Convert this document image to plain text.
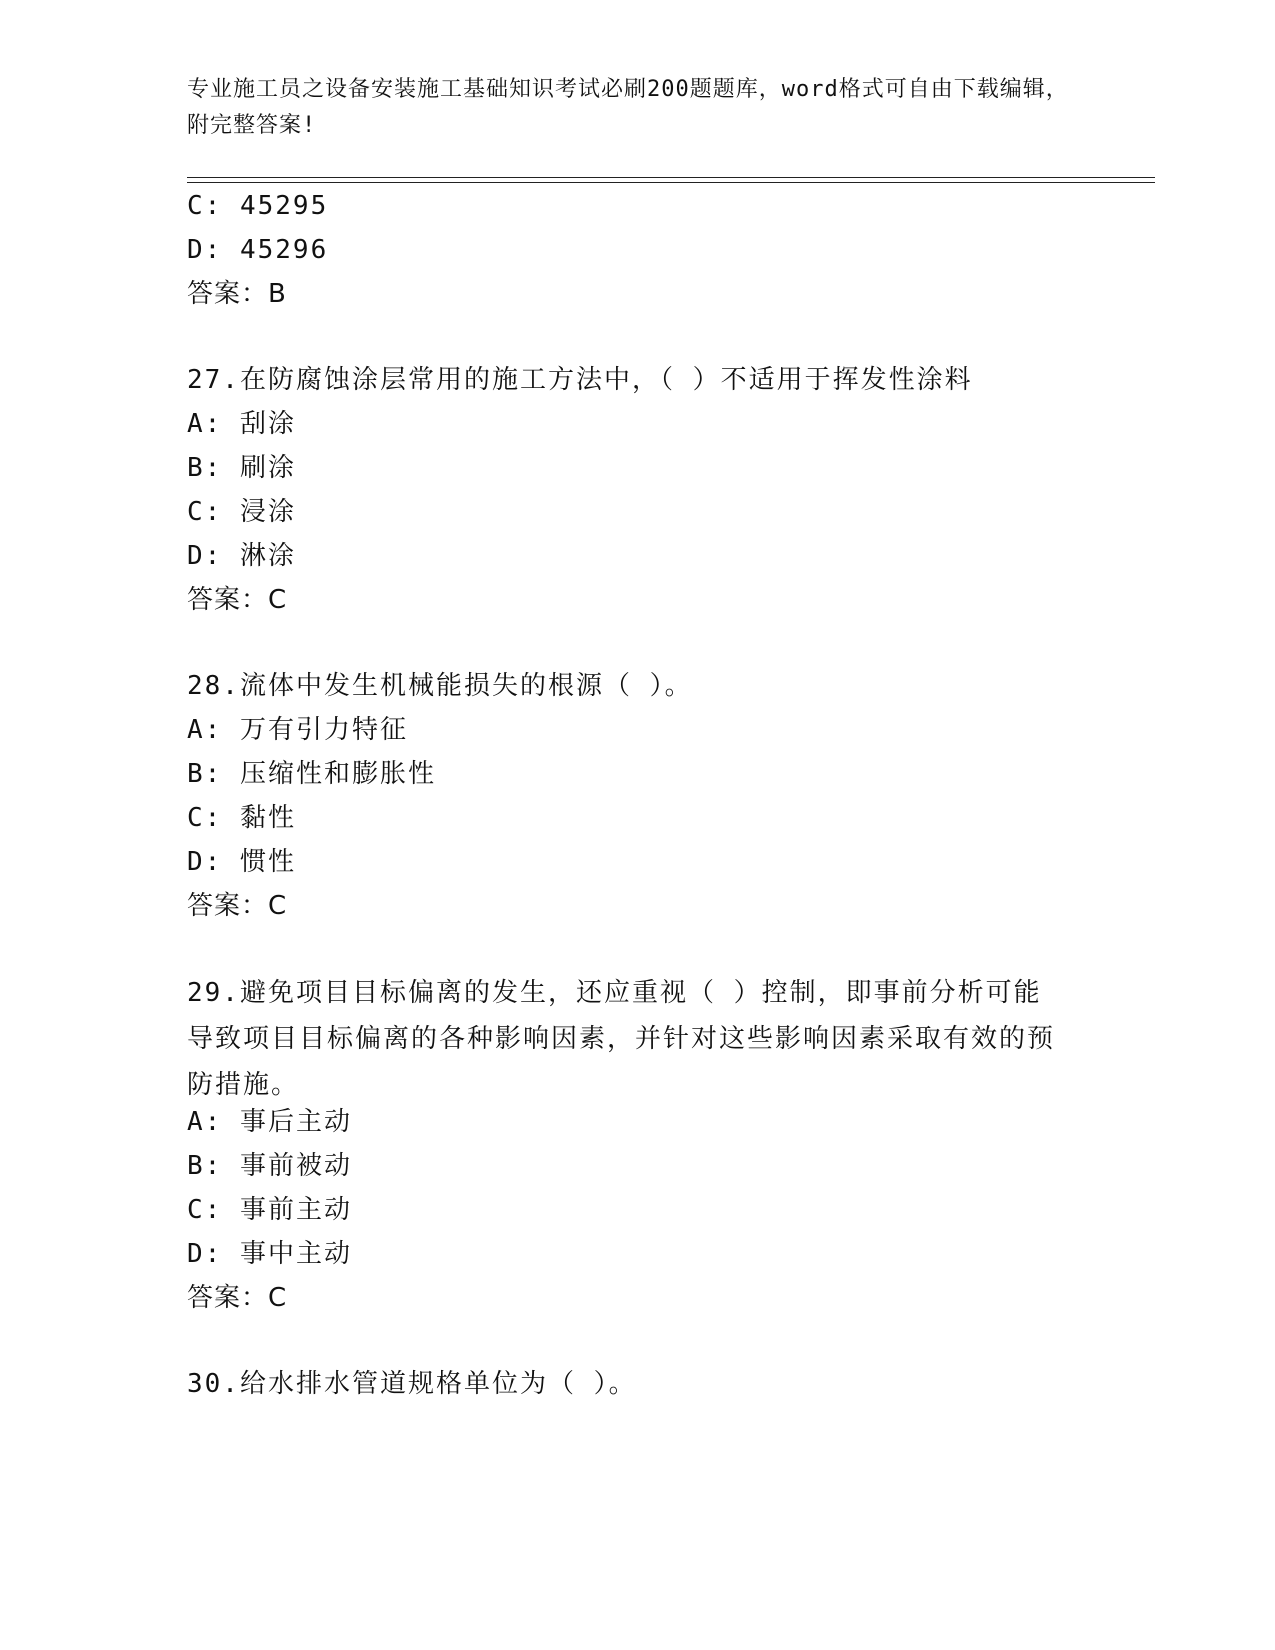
专业施工员之设备安装施工基础知识考试必刷200题题库，word格式可自由下载编辑，附完整答案!
C: 45295
D: 45296
答案：B
27.在防腐蚀涂层常用的施工方法中，（ ）不适用于挥发性涂料
A: 刮涂
B: 刷涂
C: 浸涂
D: 淋涂
答案：C
28.流体中发生机械能损失的根源（ ）。
A: 万有引力特征
B: 压缩性和膨胀性
C: 黏性
D: 惯性
答案：C
29.避免项目目标偏离的发生，还应重视（ ）控制，即事前分析可能导致项目目标偏离的各种影响因素，并针对这些影响因素采取有效的预防措施。
A: 事后主动
B: 事前被动
C: 事前主动
D: 事中主动
答案：C
30.给水排水管道规格单位为（ ）。
